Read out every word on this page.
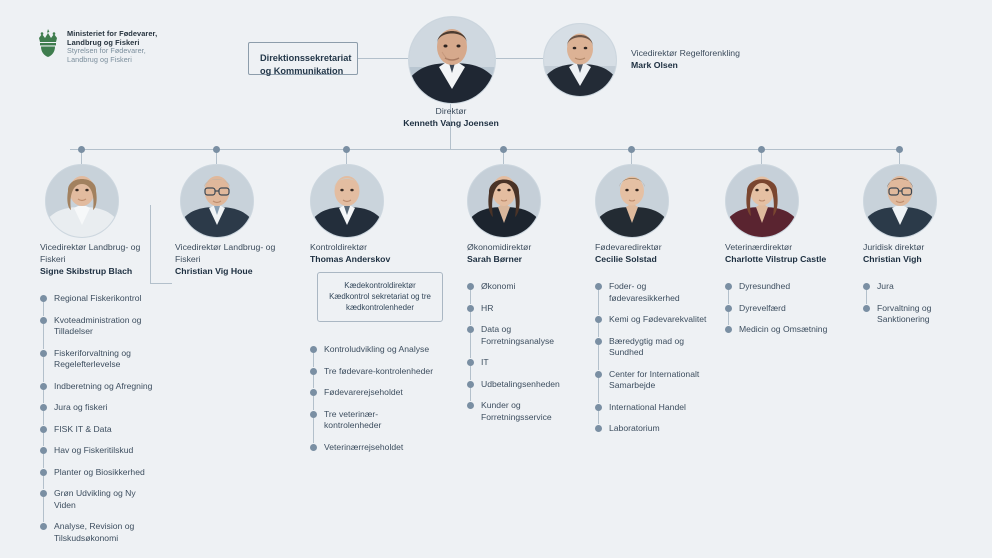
Ministeriet for Fødevarer,
Landbrug og Fiskeri
Styrelsen for Fødevarer,
Landbrug og Fiskeri	Direktionssekretariat og Kommunikation
Direktør
Kenneth Vang Joensen
Vicedirektør Regelforenkling
Mark Olsen
Kædekontroldirektør Kædkontrol sekretariat og tre kædkontrolenheder
Vicedirektør Landbrug- og Fiskeri
Signe Skibstrup Blach
Regional Fiskerikontrol
Kvoteadministration og Tilladelser
Fiskeriforvaltning og Regelefterlevelse
Indberetning og Afregning
Jura og fiskeri
FISK IT & Data
Hav og Fiskeritilskud
Planter og Biosikkerhed
Grøn Udvikling og Ny Viden
Analyse, Revision og Tilskudsøkonomi
Vicedirektør Landbrug- og Fiskeri
Christian Vig Houe
Kontroldirektør
Thomas Anderskov
Kontroludvikling og Analyse
Tre fødevare-kontrolenheder
Fødevarerejseholdet
Tre veterinær-kontrolenheder
Veterinærrejseholdet
Økonomidirektør
Sarah Børner
Økonomi
HR
Data og Forretningsanalyse
IT
Udbetalingsenheden
Kunder og Forretningsservice
Fødevaredirektør
Cecilie Solstad
Foder- og fødevaresikkerhed
Kemi og Fødevarekvalitet
Bæredygtig mad og Sundhed
Center for Internationalt Samarbejde
International Handel
Laboratorium
Veterinærdirektør
Charlotte Vilstrup Castle
Dyresundhed
Dyrevelfærd
Medicin og Omsætning
Juridisk direktør
Christian Vigh
Jura
Forvaltning og Sanktionering
